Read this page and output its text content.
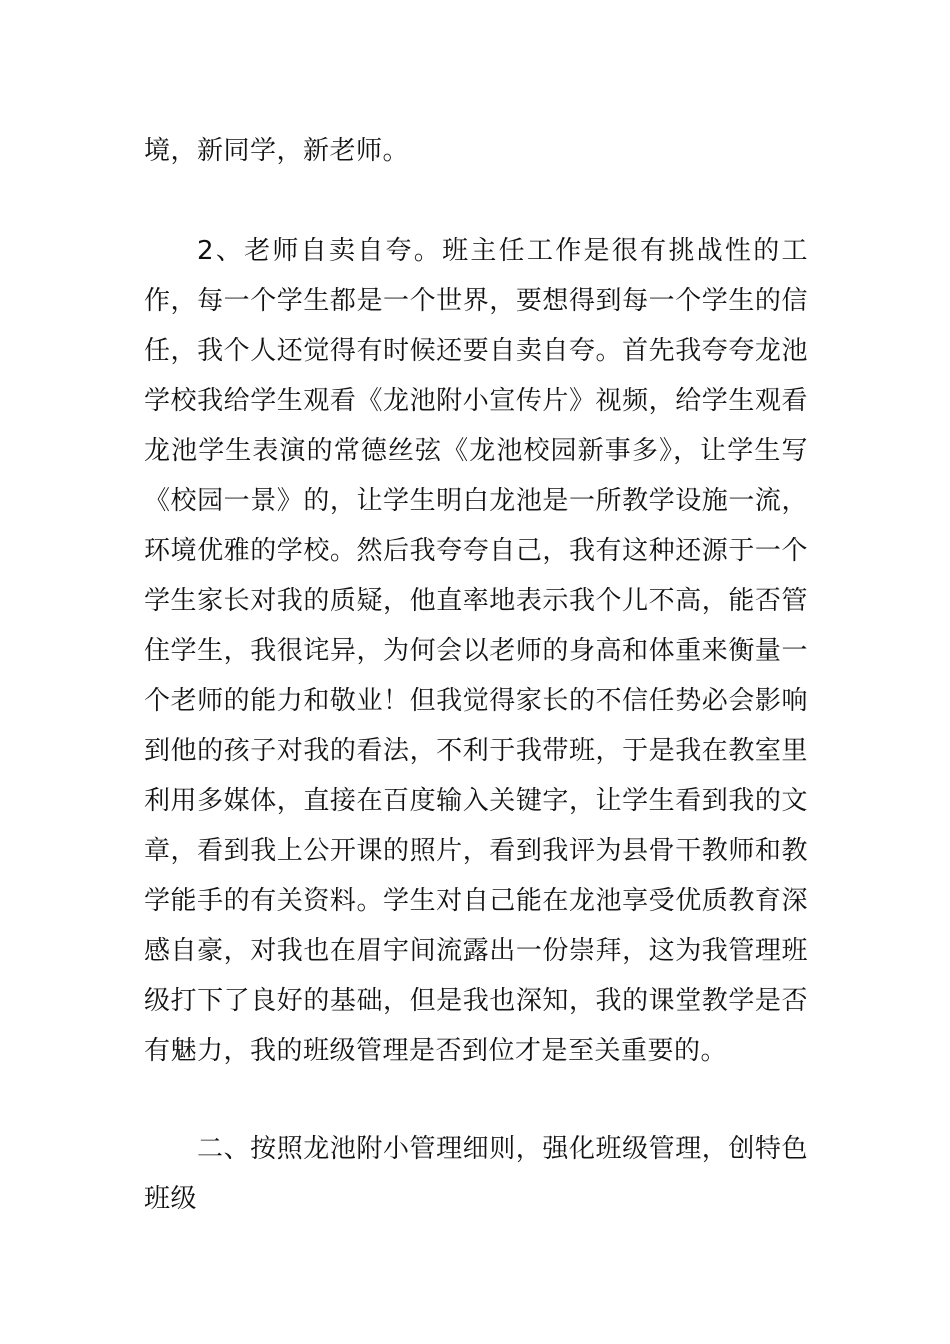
境，新同学，新老师。

2、老师自卖自夸。班主任工作是很有挑战性的工作，每一个学生都是一个世界，要想得到每一个学生的信任，我个人还觉得有时候还要自卖自夸。首先我夸夸龙池学校我给学生观看《龙池附小宣传片》视频，给学生观看龙池学生表演的常德丝弦《龙池校园新事多》，让学生写《校园一景》的，让学生明白龙池是一所教学设施一流，环境优雅的学校。然后我夸夸自己，我有这种还源于一个学生家长对我的质疑，他直率地表示我个儿不高，能否管住学生，我很诧异，为何会以老师的身高和体重来衡量一个老师的能力和敬业！但我觉得家长的不信任势必会影响到他的孩子对我的看法，不利于我带班，于是我在教室里利用多媒体，直接在百度输入关键字，让学生看到我的文章，看到我上公开课的照片，看到我评为县骨干教师和教学能手的有关资料。学生对自己能在龙池享受优质教育深感自豪，对我也在眉宇间流露出一份崇拜，这为我管理班级打下了良好的基础，但是我也深知，我的课堂教学是否有魅力，我的班级管理是否到位才是至关重要的。

二、按照龙池附小管理细则，强化班级管理，创特色班级
